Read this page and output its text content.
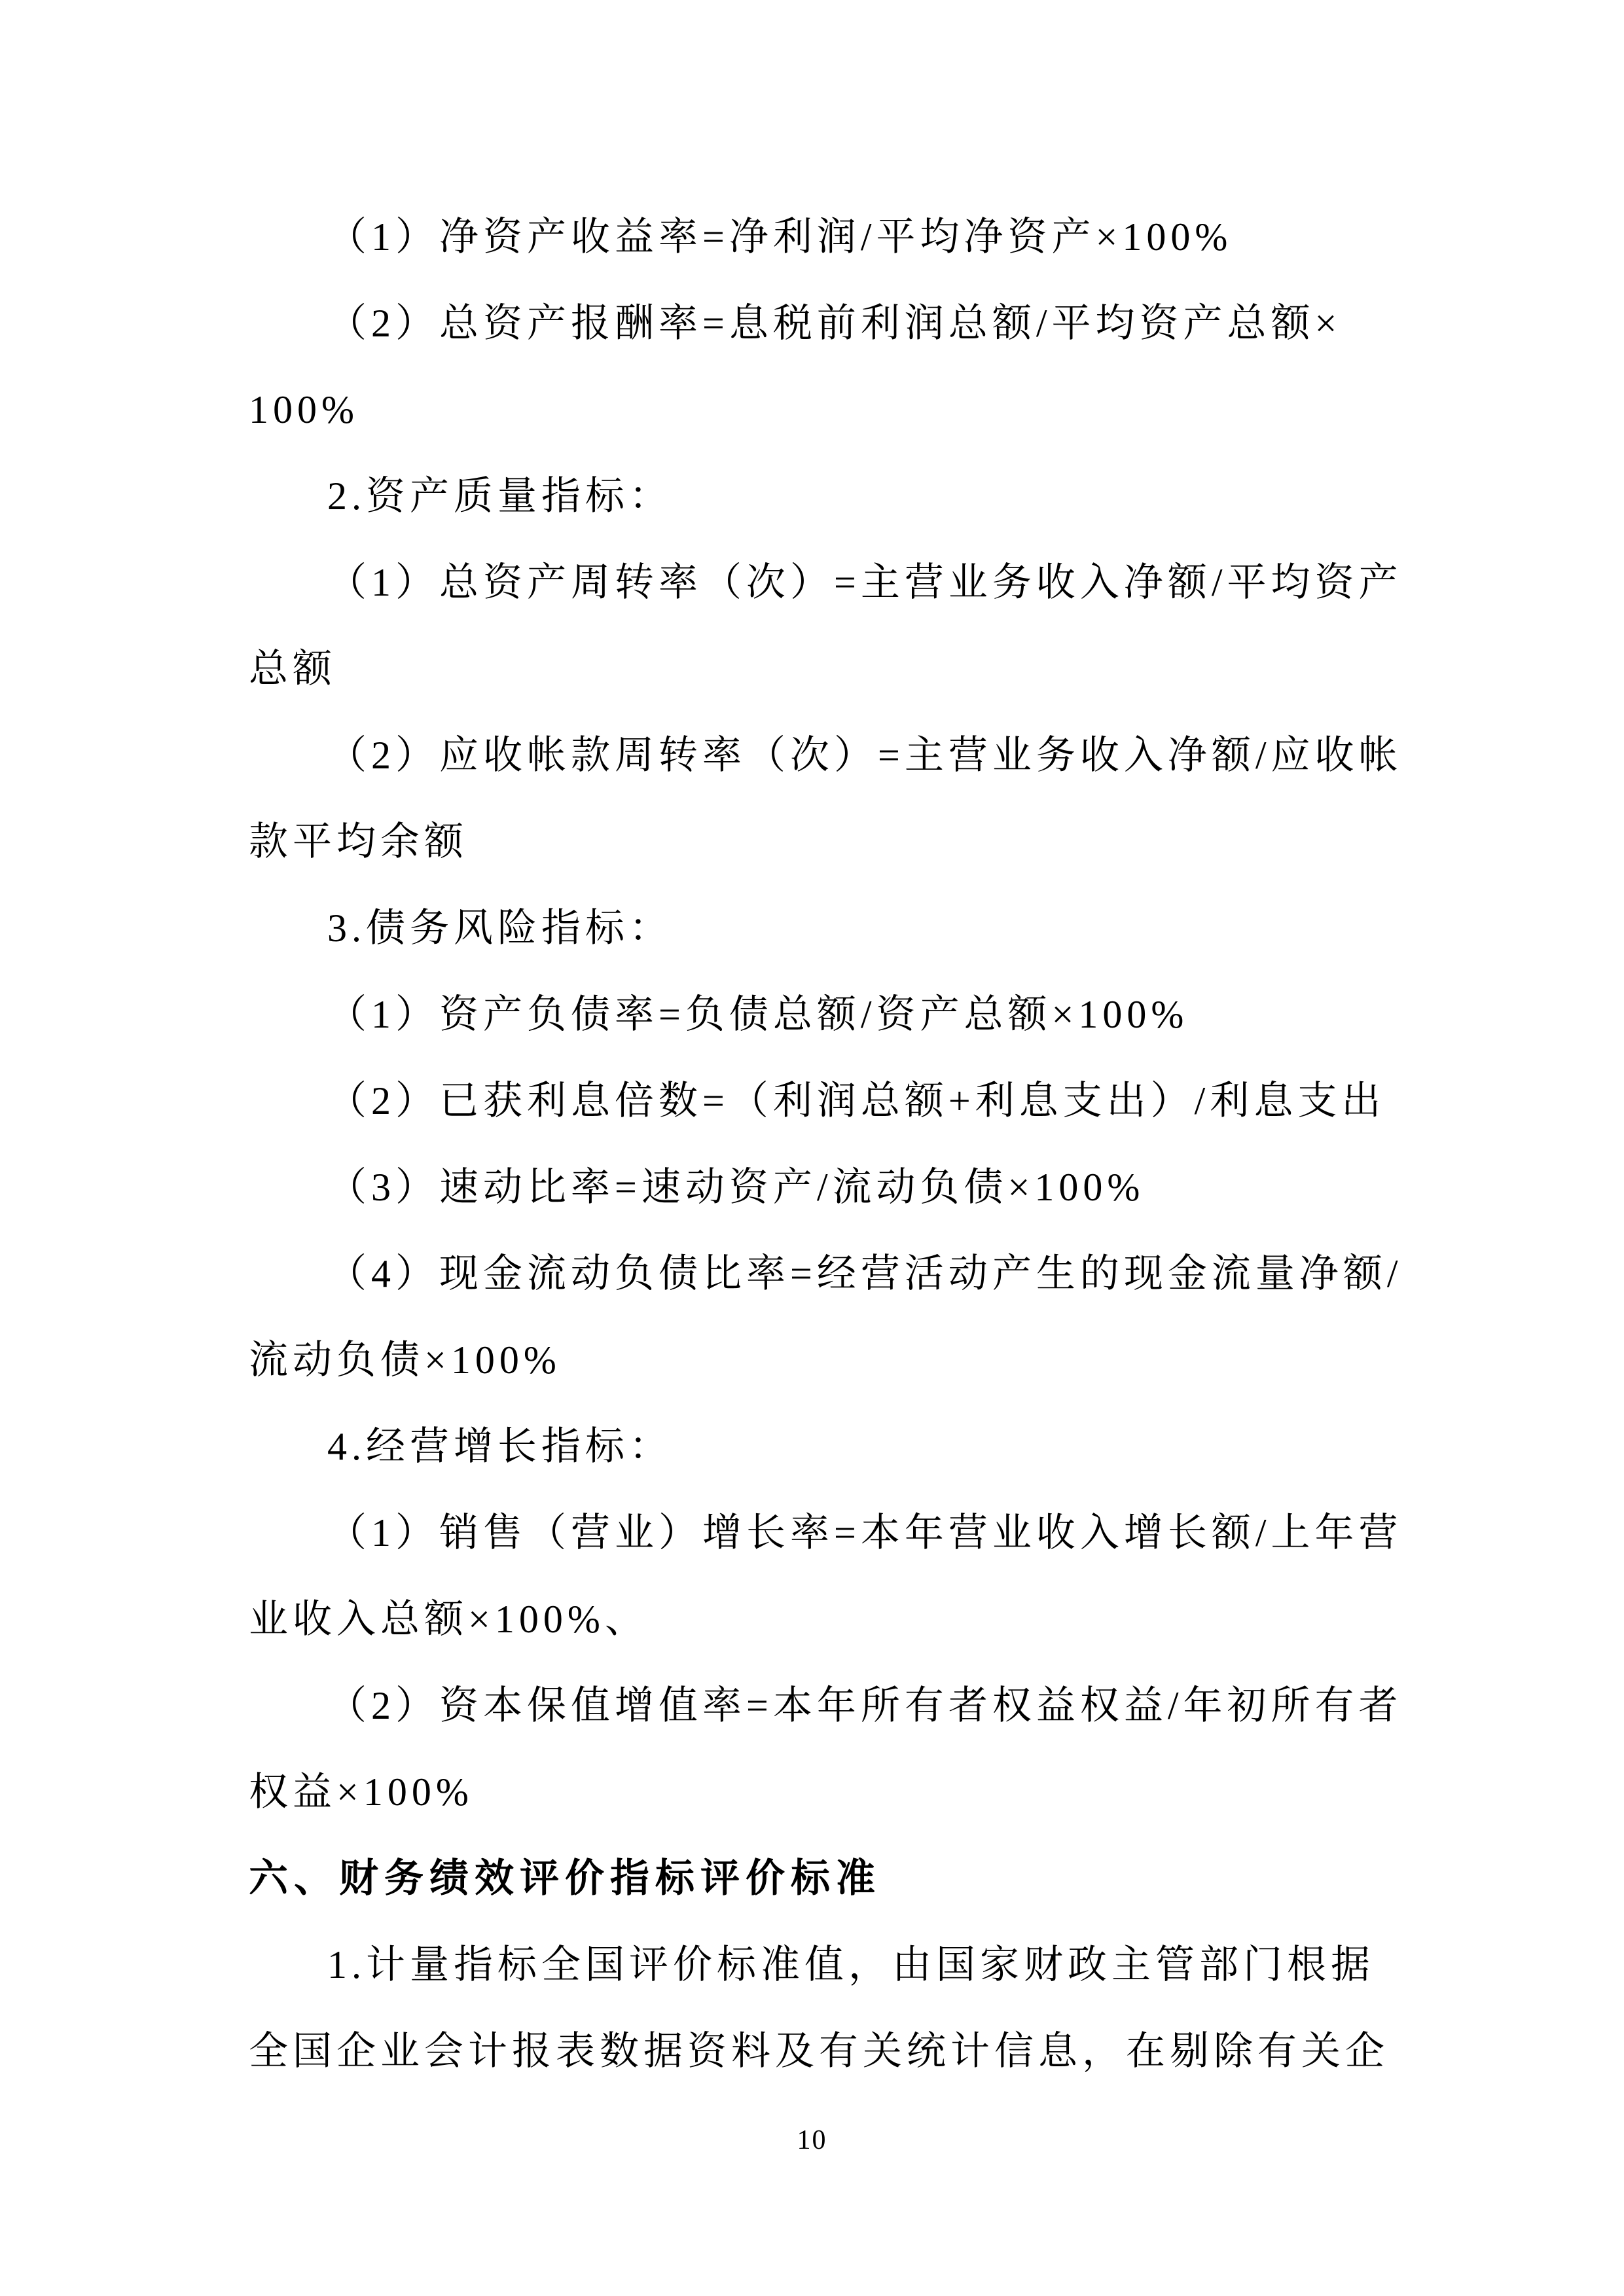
（1）净资产收益率=净利润/平均净资产×100%
（2）总资产报酬率=息税前利润总额/平均资产总额×
100%
2.资产质量指标：
（1）总资产周转率（次）=主营业务收入净额/平均资产
总额
（2）应收帐款周转率（次）=主营业务收入净额/应收帐
款平均余额
3.债务风险指标：
（1）资产负债率=负债总额/资产总额×100%
（2）已获利息倍数=（利润总额+利息支出）/利息支出
（3）速动比率=速动资产/流动负债×100%
（4）现金流动负债比率=经营活动产生的现金流量净额/
流动负债×100%
4.经营增长指标：
（1）销售（营业）增长率=本年营业收入增长额/上年营
业收入总额×100%、
（2）资本保值增值率=本年所有者权益权益/年初所有者
权益×100%
六、财务绩效评价指标评价标准
1.计量指标全国评价标准值，由国家财政主管部门根据
全国企业会计报表数据资料及有关统计信息，在剔除有关企
10
